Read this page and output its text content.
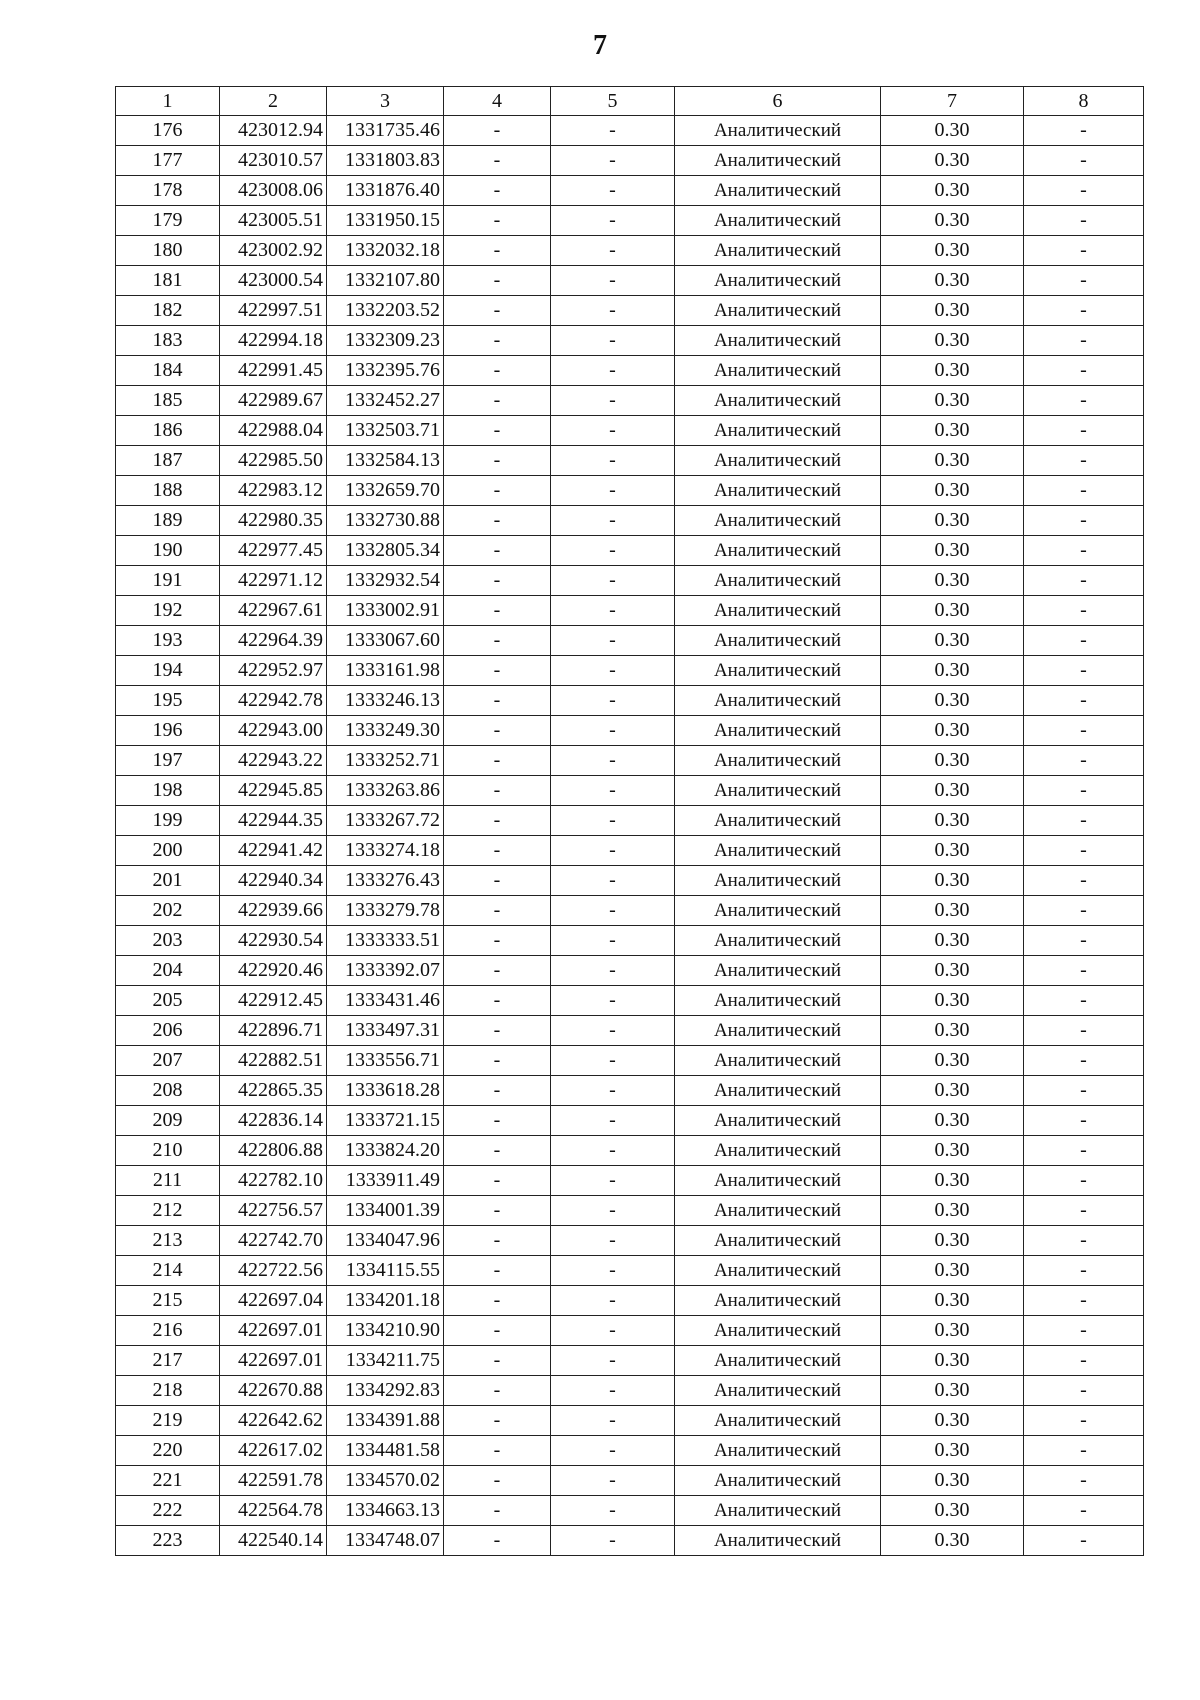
7
1	2	3	4	5	6	7	8
176	423012.94	1331735.46	-	-	Аналитический	0.30	-
177	423010.57	1331803.83	-	-	Аналитический	0.30	-
178	423008.06	1331876.40	-	-	Аналитический	0.30	-
179	423005.51	1331950.15	-	-	Аналитический	0.30	-
180	423002.92	1332032.18	-	-	Аналитический	0.30	-
181	423000.54	1332107.80	-	-	Аналитический	0.30	-
182	422997.51	1332203.52	-	-	Аналитический	0.30	-
183	422994.18	1332309.23	-	-	Аналитический	0.30	-
184	422991.45	1332395.76	-	-	Аналитический	0.30	-
185	422989.67	1332452.27	-	-	Аналитический	0.30	-
186	422988.04	1332503.71	-	-	Аналитический	0.30	-
187	422985.50	1332584.13	-	-	Аналитический	0.30	-
188	422983.12	1332659.70	-	-	Аналитический	0.30	-
189	422980.35	1332730.88	-	-	Аналитический	0.30	-
190	422977.45	1332805.34	-	-	Аналитический	0.30	-
191	422971.12	1332932.54	-	-	Аналитический	0.30	-
192	422967.61	1333002.91	-	-	Аналитический	0.30	-
193	422964.39	1333067.60	-	-	Аналитический	0.30	-
194	422952.97	1333161.98	-	-	Аналитический	0.30	-
195	422942.78	1333246.13	-	-	Аналитический	0.30	-
196	422943.00	1333249.30	-	-	Аналитический	0.30	-
197	422943.22	1333252.71	-	-	Аналитический	0.30	-
198	422945.85	1333263.86	-	-	Аналитический	0.30	-
199	422944.35	1333267.72	-	-	Аналитический	0.30	-
200	422941.42	1333274.18	-	-	Аналитический	0.30	-
201	422940.34	1333276.43	-	-	Аналитический	0.30	-
202	422939.66	1333279.78	-	-	Аналитический	0.30	-
203	422930.54	1333333.51	-	-	Аналитический	0.30	-
204	422920.46	1333392.07	-	-	Аналитический	0.30	-
205	422912.45	1333431.46	-	-	Аналитический	0.30	-
206	422896.71	1333497.31	-	-	Аналитический	0.30	-
207	422882.51	1333556.71	-	-	Аналитический	0.30	-
208	422865.35	1333618.28	-	-	Аналитический	0.30	-
209	422836.14	1333721.15	-	-	Аналитический	0.30	-
210	422806.88	1333824.20	-	-	Аналитический	0.30	-
211	422782.10	1333911.49	-	-	Аналитический	0.30	-
212	422756.57	1334001.39	-	-	Аналитический	0.30	-
213	422742.70	1334047.96	-	-	Аналитический	0.30	-
214	422722.56	1334115.55	-	-	Аналитический	0.30	-
215	422697.04	1334201.18	-	-	Аналитический	0.30	-
216	422697.01	1334210.90	-	-	Аналитический	0.30	-
217	422697.01	1334211.75	-	-	Аналитический	0.30	-
218	422670.88	1334292.83	-	-	Аналитический	0.30	-
219	422642.62	1334391.88	-	-	Аналитический	0.30	-
220	422617.02	1334481.58	-	-	Аналитический	0.30	-
221	422591.78	1334570.02	-	-	Аналитический	0.30	-
222	422564.78	1334663.13	-	-	Аналитический	0.30	-
223	422540.14	1334748.07	-	-	Аналитический	0.30	-
